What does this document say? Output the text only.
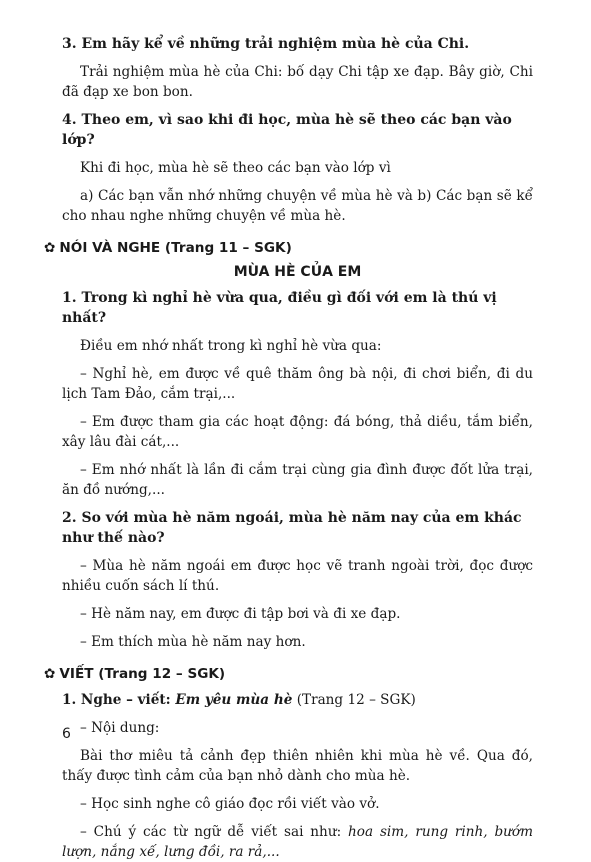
3. Em hãy kể về những trải nghiệm mùa hè của Chi.

Trải nghiệm mùa hè của Chi: bố dạy Chi tập xe đạp. Bây giờ, Chi đã đạp xe bon bon.

4. Theo em, vì sao khi đi học, mùa hè sẽ theo các bạn vào lớp?

Khi đi học, mùa hè sẽ theo các bạn vào lớp vì

a) Các bạn vẫn nhớ những chuyện về mùa hè và b) Các bạn sẽ kể cho nhau nghe những chuyện về mùa hè.

✿ NÓI VÀ NGHE (Trang 11 – SGK)
MÙA HÈ CỦA EM

1. Trong kì nghỉ hè vừa qua, điều gì đối với em là thú vị nhất?

Điều em nhớ nhất trong kì nghỉ hè vừa qua:

– Nghỉ hè, em được về quê thăm ông bà nội, đi chơi biển, đi du lịch Tam Đảo, cắm trại,...

– Em được tham gia các hoạt động: đá bóng, thả diều, tắm biển, xây lâu đài cát,...

– Em nhớ nhất là lần đi cắm trại cùng gia đình được đốt lửa trại, ăn đồ nướng,...

2. So với mùa hè năm ngoái, mùa hè năm nay của em khác như thế nào?

– Mùa hè năm ngoái em được học vẽ tranh ngoài trời, đọc được nhiều cuốn sách lí thú.

– Hè năm nay, em được đi tập bơi và đi xe đạp.

– Em thích mùa hè năm nay hơn.

✿ VIẾT (Trang 12 – SGK)

1. Nghe – viết: Em yêu mùa hè (Trang 12 – SGK)

– Nội dung:

Bài thơ miêu tả cảnh đẹp thiên nhiên khi mùa hè về. Qua đó, thấy được tình cảm của bạn nhỏ dành cho mùa hè.

– Học sinh nghe cô giáo đọc rồi viết vào vở.

– Chú ý các từ ngữ dễ viết sai như: hoa sim, rung rinh, bướm lượn, nắng xế, lưng đồi, ra rả,...

6
